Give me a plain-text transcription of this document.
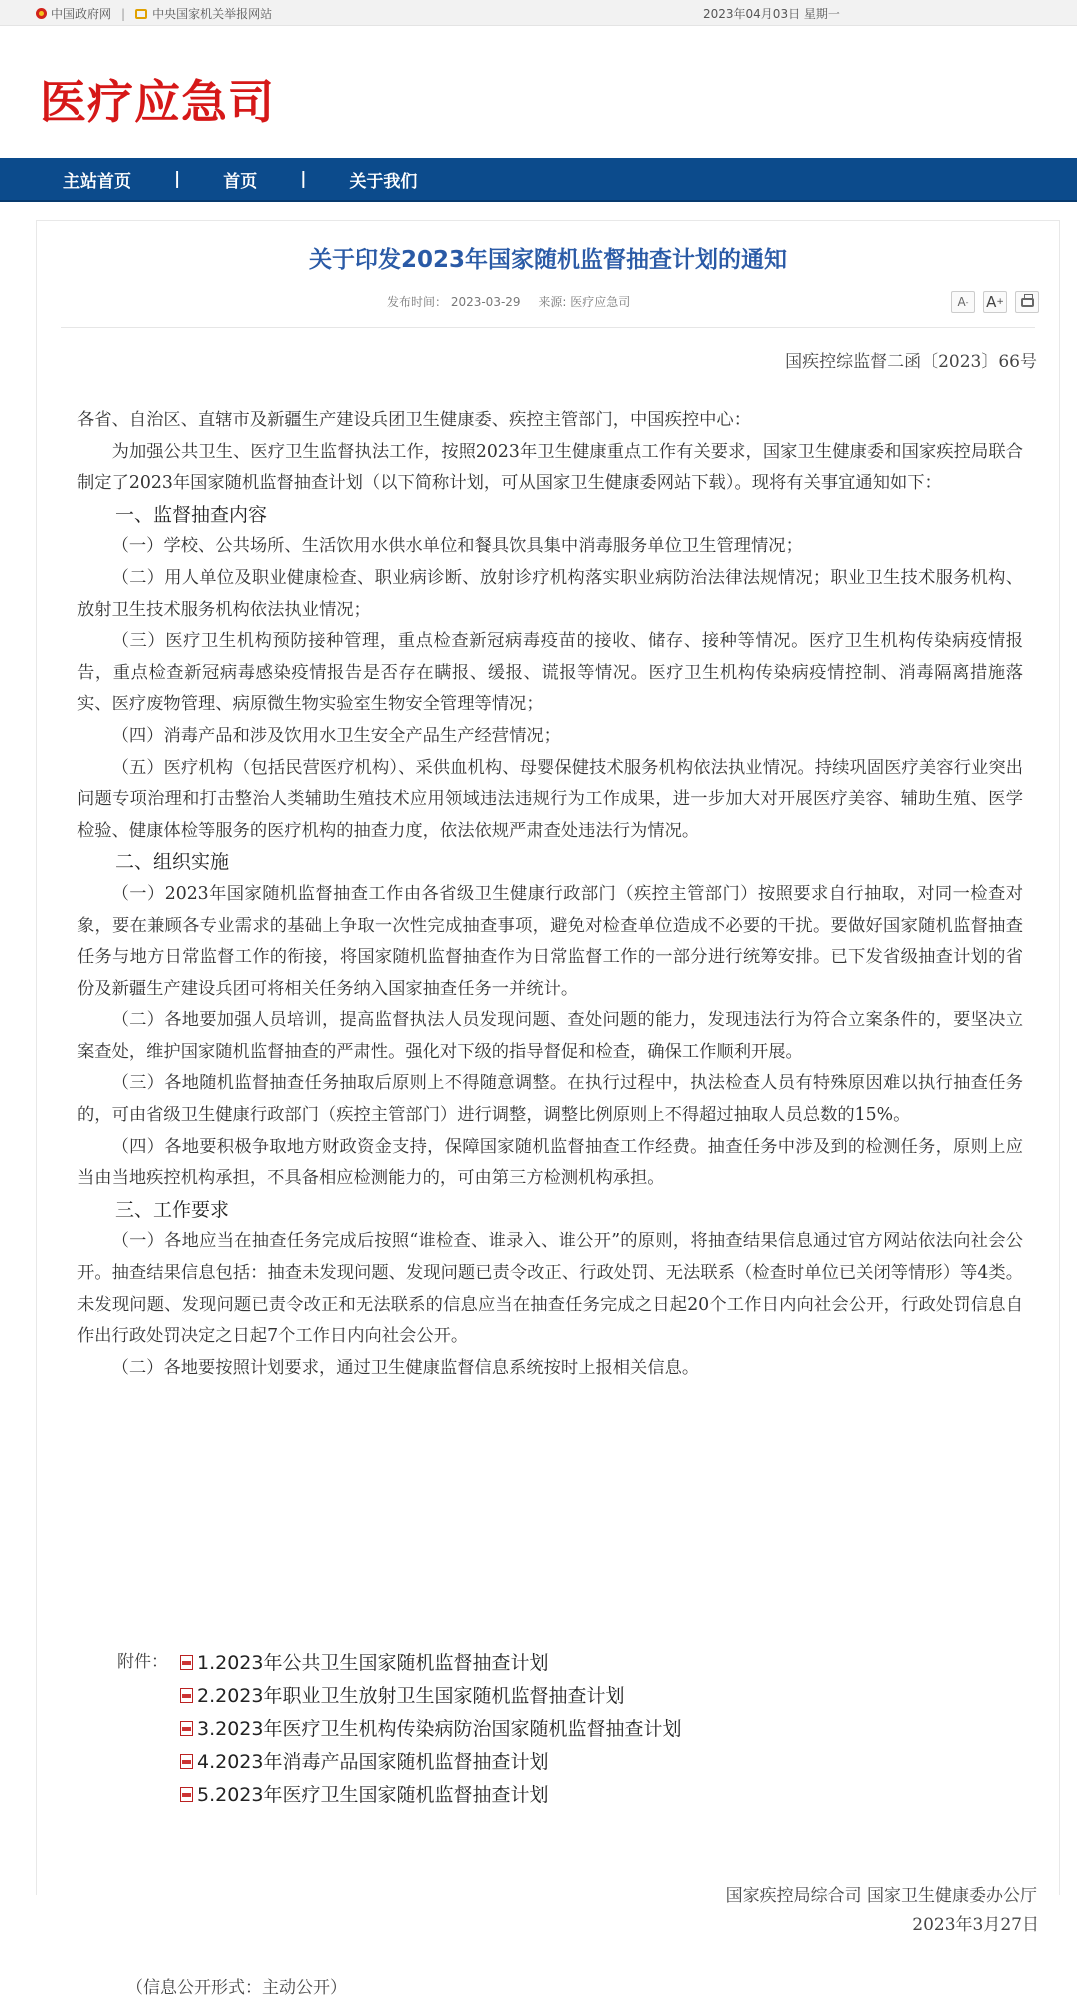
中国政府网 | 中央国家机关举报网站	2023年04月03日 星期一
医疗应急司
主站首页	|	首页	|	关于我们
关于印发2023年国家随机监督抽查计划的通知
发布时间： 2023-03-29 来源: 医疗应急司	A - A +
国疾控综监督二函〔2023〕66号

各省、自治区、直辖市及新疆生产建设兵团卫生健康委、疾控主管部门，中国疾控中心：

为加强公共卫生、医疗卫生监督执法工作，按照2023年卫生健康重点工作有关要求，国家卫生健康委和国家疾控局联合制定了2023年国家随机监督抽查计划（以下简称计划，可从国家卫生健康委网站下载）。现将有关事宜通知如下：

一、监督抽查内容

（一）学校、公共场所、生活饮用水供水单位和餐具饮具集中消毒服务单位卫生管理情况；

（二）用人单位及职业健康检查、职业病诊断、放射诊疗机构落实职业病防治法律法规情况；职业卫生技术服务机构、放射卫生技术服务机构依法执业情况；

（三）医疗卫生机构预防接种管理，重点检查新冠病毒疫苗的接收、储存、接种等情况。医疗卫生机构传染病疫情报告，重点检查新冠病毒感染疫情报告是否存在瞒报、缓报、谎报等情况。医疗卫生机构传染病疫情控制、消毒隔离措施落实、医疗废物管理、病原微生物实验室生物安全管理等情况；

（四）消毒产品和涉及饮用水卫生安全产品生产经营情况；

（五）医疗机构（包括民营医疗机构）、采供血机构、母婴保健技术服务机构依法执业情况。持续巩固医疗美容行业突出问题专项治理和打击整治人类辅助生殖技术应用领域违法违规行为工作成果，进一步加大对开展医疗美容、辅助生殖、医学检验、健康体检等服务的医疗机构的抽查力度，依法依规严肃查处违法行为情况。

二、组织实施

（一）2023年国家随机监督抽查工作由各省级卫生健康行政部门（疾控主管部门）按照要求自行抽取，对同一检查对象，要在兼顾各专业需求的基础上争取一次性完成抽查事项，避免对检查单位造成不必要的干扰。要做好国家随机监督抽查任务与地方日常监督工作的衔接，将国家随机监督抽查作为日常监督工作的一部分进行统筹安排。已下发省级抽查计划的省份及新疆生产建设兵团可将相关任务纳入国家抽查任务一并统计。

（二）各地要加强人员培训，提高监督执法人员发现问题、查处问题的能力，发现违法行为符合立案条件的，要坚决立案查处，维护国家随机监督抽查的严肃性。强化对下级的指导督促和检查，确保工作顺利开展。

（三）各地随机监督抽查任务抽取后原则上不得随意调整。在执行过程中，执法检查人员有特殊原因难以执行抽查任务的，可由省级卫生健康行政部门（疾控主管部门）进行调整，调整比例原则上不得超过抽取人员总数的15%。

（四）各地要积极争取地方财政资金支持，保障国家随机监督抽查工作经费。抽查任务中涉及到的检测任务，原则上应当由当地疾控机构承担，不具备相应检测能力的，可由第三方检测机构承担。

三、工作要求

（一）各地应当在抽查任务完成后按照“谁检查、谁录入、谁公开”的原则，将抽查结果信息通过官方网站依法向社会公开。抽查结果信息包括：抽查未发现问题、发现问题已责令改正、行政处罚、无法联系（检查时单位已关闭等情形）等4类。未发现问题、发现问题已责令改正和无法联系的信息应当在抽查任务完成之日起20个工作日内向社会公开，行政处罚信息自作出行政处罚决定之日起7个工作日内向社会公开。

（二）各地要按照计划要求，通过卫生健康监督信息系统按时上报相关信息。

附件： 1.2023年公共卫生国家随机监督抽查计划
2.2023年职业卫生放射卫生国家随机监督抽查计划
3.2023年医疗卫生机构传染病防治国家随机监督抽查计划
4.2023年消毒产品国家随机监督抽查计划
5.2023年医疗卫生国家随机监督抽查计划
国家疾控局综合司 国家卫生健康委办公厅
2023年3月27日
（信息公开形式：主动公开）
